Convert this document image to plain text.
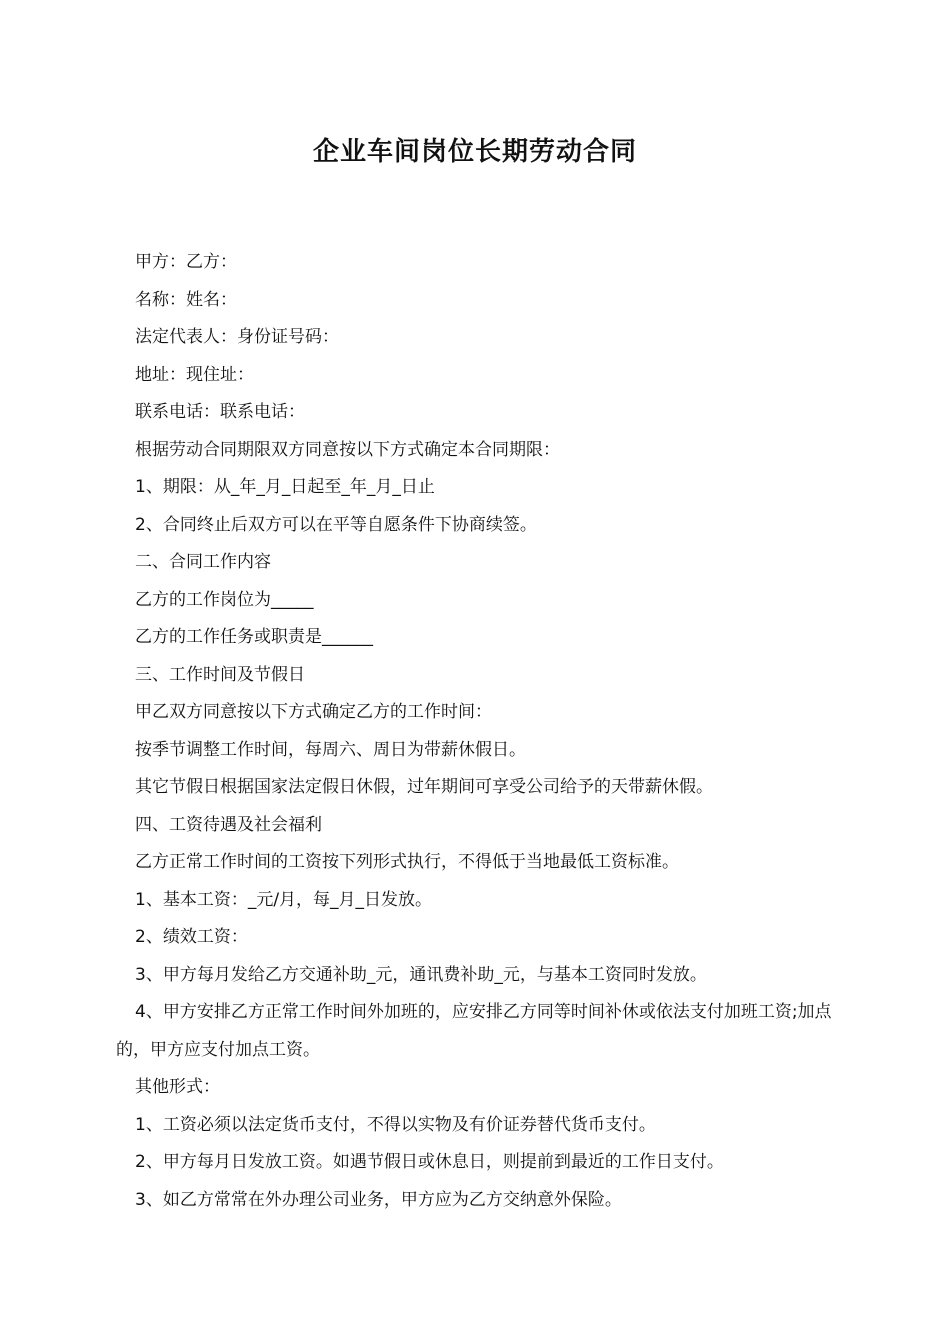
企业车间岗位长期劳动合同
甲方：乙方：
名称：姓名：
法定代表人：身份证号码：
地址：现住址：
联系电话：联系电话：
根据劳动合同期限双方同意按以下方式确定本合同期限：
1、期限：从_年_月_日起至_年_月_日止
2、合同终止后双方可以在平等自愿条件下协商续签。
二、合同工作内容
乙方的工作岗位为_____
乙方的工作任务或职责是______
三、工作时间及节假日
甲乙双方同意按以下方式确定乙方的工作时间：
按季节调整工作时间，每周六、周日为带薪休假日。
其它节假日根据国家法定假日休假，过年期间可享受公司给予的天带薪休假。
四、工资待遇及社会福利
乙方正常工作时间的工资按下列形式执行，不得低于当地最低工资标准。
1、基本工资：_元/月，每_月_日发放。
2、绩效工资：
3、甲方每月发给乙方交通补助_元，通讯费补助_元，与基本工资同时发放。
4、甲方安排乙方正常工作时间外加班的，应安排乙方同等时间补休或依法支付加班工资;加点的，甲方应支付加点工资。
其他形式：
1、工资必须以法定货币支付，不得以实物及有价证券替代货币支付。
2、甲方每月日发放工资。如遇节假日或休息日，则提前到最近的工作日支付。
3、如乙方常常在外办理公司业务，甲方应为乙方交纳意外保险。
